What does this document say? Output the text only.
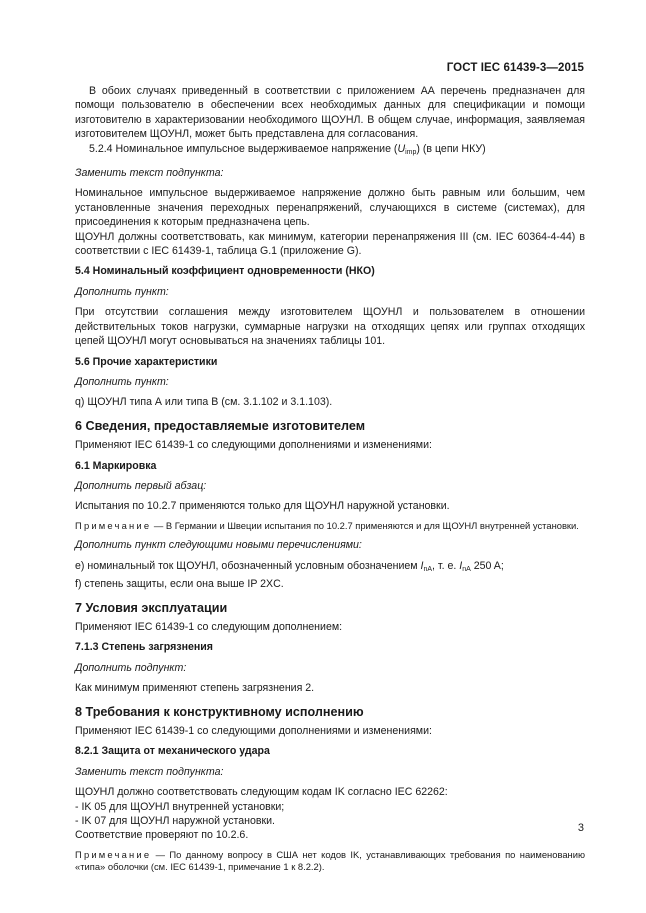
ГОСТ IEC 61439-3—2015

В обоих случаях приведенный в соответствии с приложением АА перечень предназначен для помощи пользователю в обеспечении всех необходимых данных для спецификации и помощи изготовителю в характеризовании необходимого ЩОУНЛ. В общем случае, информация, заявляемая изготовителем ЩОУНЛ, может быть представлена для согласования.

5.2.4 Номинальное импульсное выдерживаемое напряжение $(U_{imp})$ (в цепи НКУ)

Заменить текст подпункта:

Номинальное импульсное выдерживаемое напряжение должно быть равным или большим, чем установленные значения переходных перенапряжений, случающихся в системе (системах), для присоединения к которым предназначена цепь.

ЩОУНЛ должны соответствовать, как минимум, категории перенапряжения III (см. IEC 60364-4-44) в соответствии с IEC 61439-1, таблица G.1 (приложение G).

5.4 Номинальный коэффициент одновременности (НКО)

Дополнить пункт:

При отсутствии соглашения между изготовителем ЩОУНЛ и пользователем в отношении действительных токов нагрузки, суммарные нагрузки на отходящих цепях или группах отходящих цепей ЩОУНЛ могут основываться на значениях таблицы 101.

5.6 Прочие характеристики

Дополнить пункт:

q) ЩОУНЛ типа А или типа В (см. 3.1.102 и 3.1.103).

6 Сведения, предоставляемые изготовителем

Применяют IEC 61439-1 со следующими дополнениями и изменениями:

6.1 Маркировка

Дополнить первый абзац:

Испытания по 10.2.7 применяются только для ЩОУНЛ наружной установки.

Примечание — В Германии и Швеции испытания по 10.2.7 применяются и для ЩОУНЛ внутренней установки.

Дополнить пункт следующими новыми перечислениями:

e) номинальный ток ЩОУНЛ, обозначенный условным обозначением $I_{nA}$, т. е. $I_{nA}$ 250 A;

f) степень защиты, если она выше IP 2XC.

7 Условия эксплуатации

Применяют IEC 61439-1 со следующим дополнением:

7.1.3 Степень загрязнения

Дополнить подпункт:

Как минимум применяют степень загрязнения 2.

8 Требования к конструктивному исполнению

Применяют IEC 61439-1 со следующими дополнениями и изменениями:

8.2.1 Защита от механического удара

Заменить текст подпункта:

ЩОУНЛ должно соответствовать следующим кодам IK согласно IEC 62262:

- IK 05 для ЩОУНЛ внутренней установки;

- IK 07 для ЩОУНЛ наружной установки.

Соответствие проверяют по 10.2.6.

Примечание — По данному вопросу в США нет кодов IK, устанавливающих требования по наименованию «типа» оболочки (см. IEC 61439-1, примечание 1 к 8.2.2).

3
